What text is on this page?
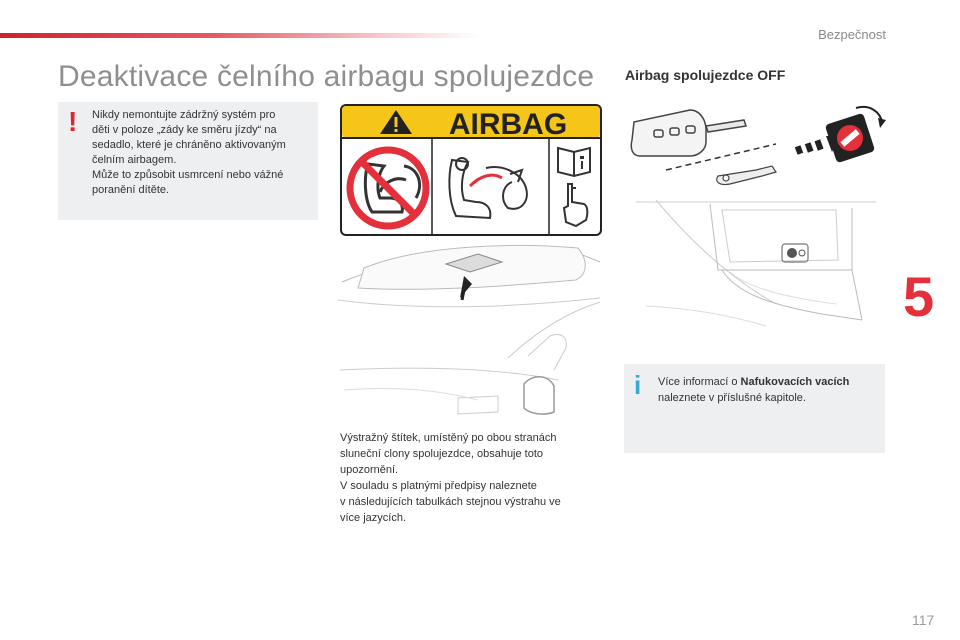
Bezpečnost
Deaktivace čelního airbagu spolujezdce
! Nikdy nemontujte zádržný systém pro
děti v poloze „zády ke směru jízdy“ na
sedadlo, které je chráněno aktivovaným
čelním airbagem.
Může to způsobit usmrcení nebo vážné
poranění dítěte.

AIRBAG

Výstražný štítek, umístěný po obou stranách
sluneční clony spolujezdce, obsahuje toto
upozornění.
V souladu s platnými předpisy naleznete
v následujících tabulkách stejnou výstrahu ve
více jazycích.

Airbag spolujezdce OFF
i Více informací o Nafukovacích vacích
naleznete v příslušné kapitole.

5
117
